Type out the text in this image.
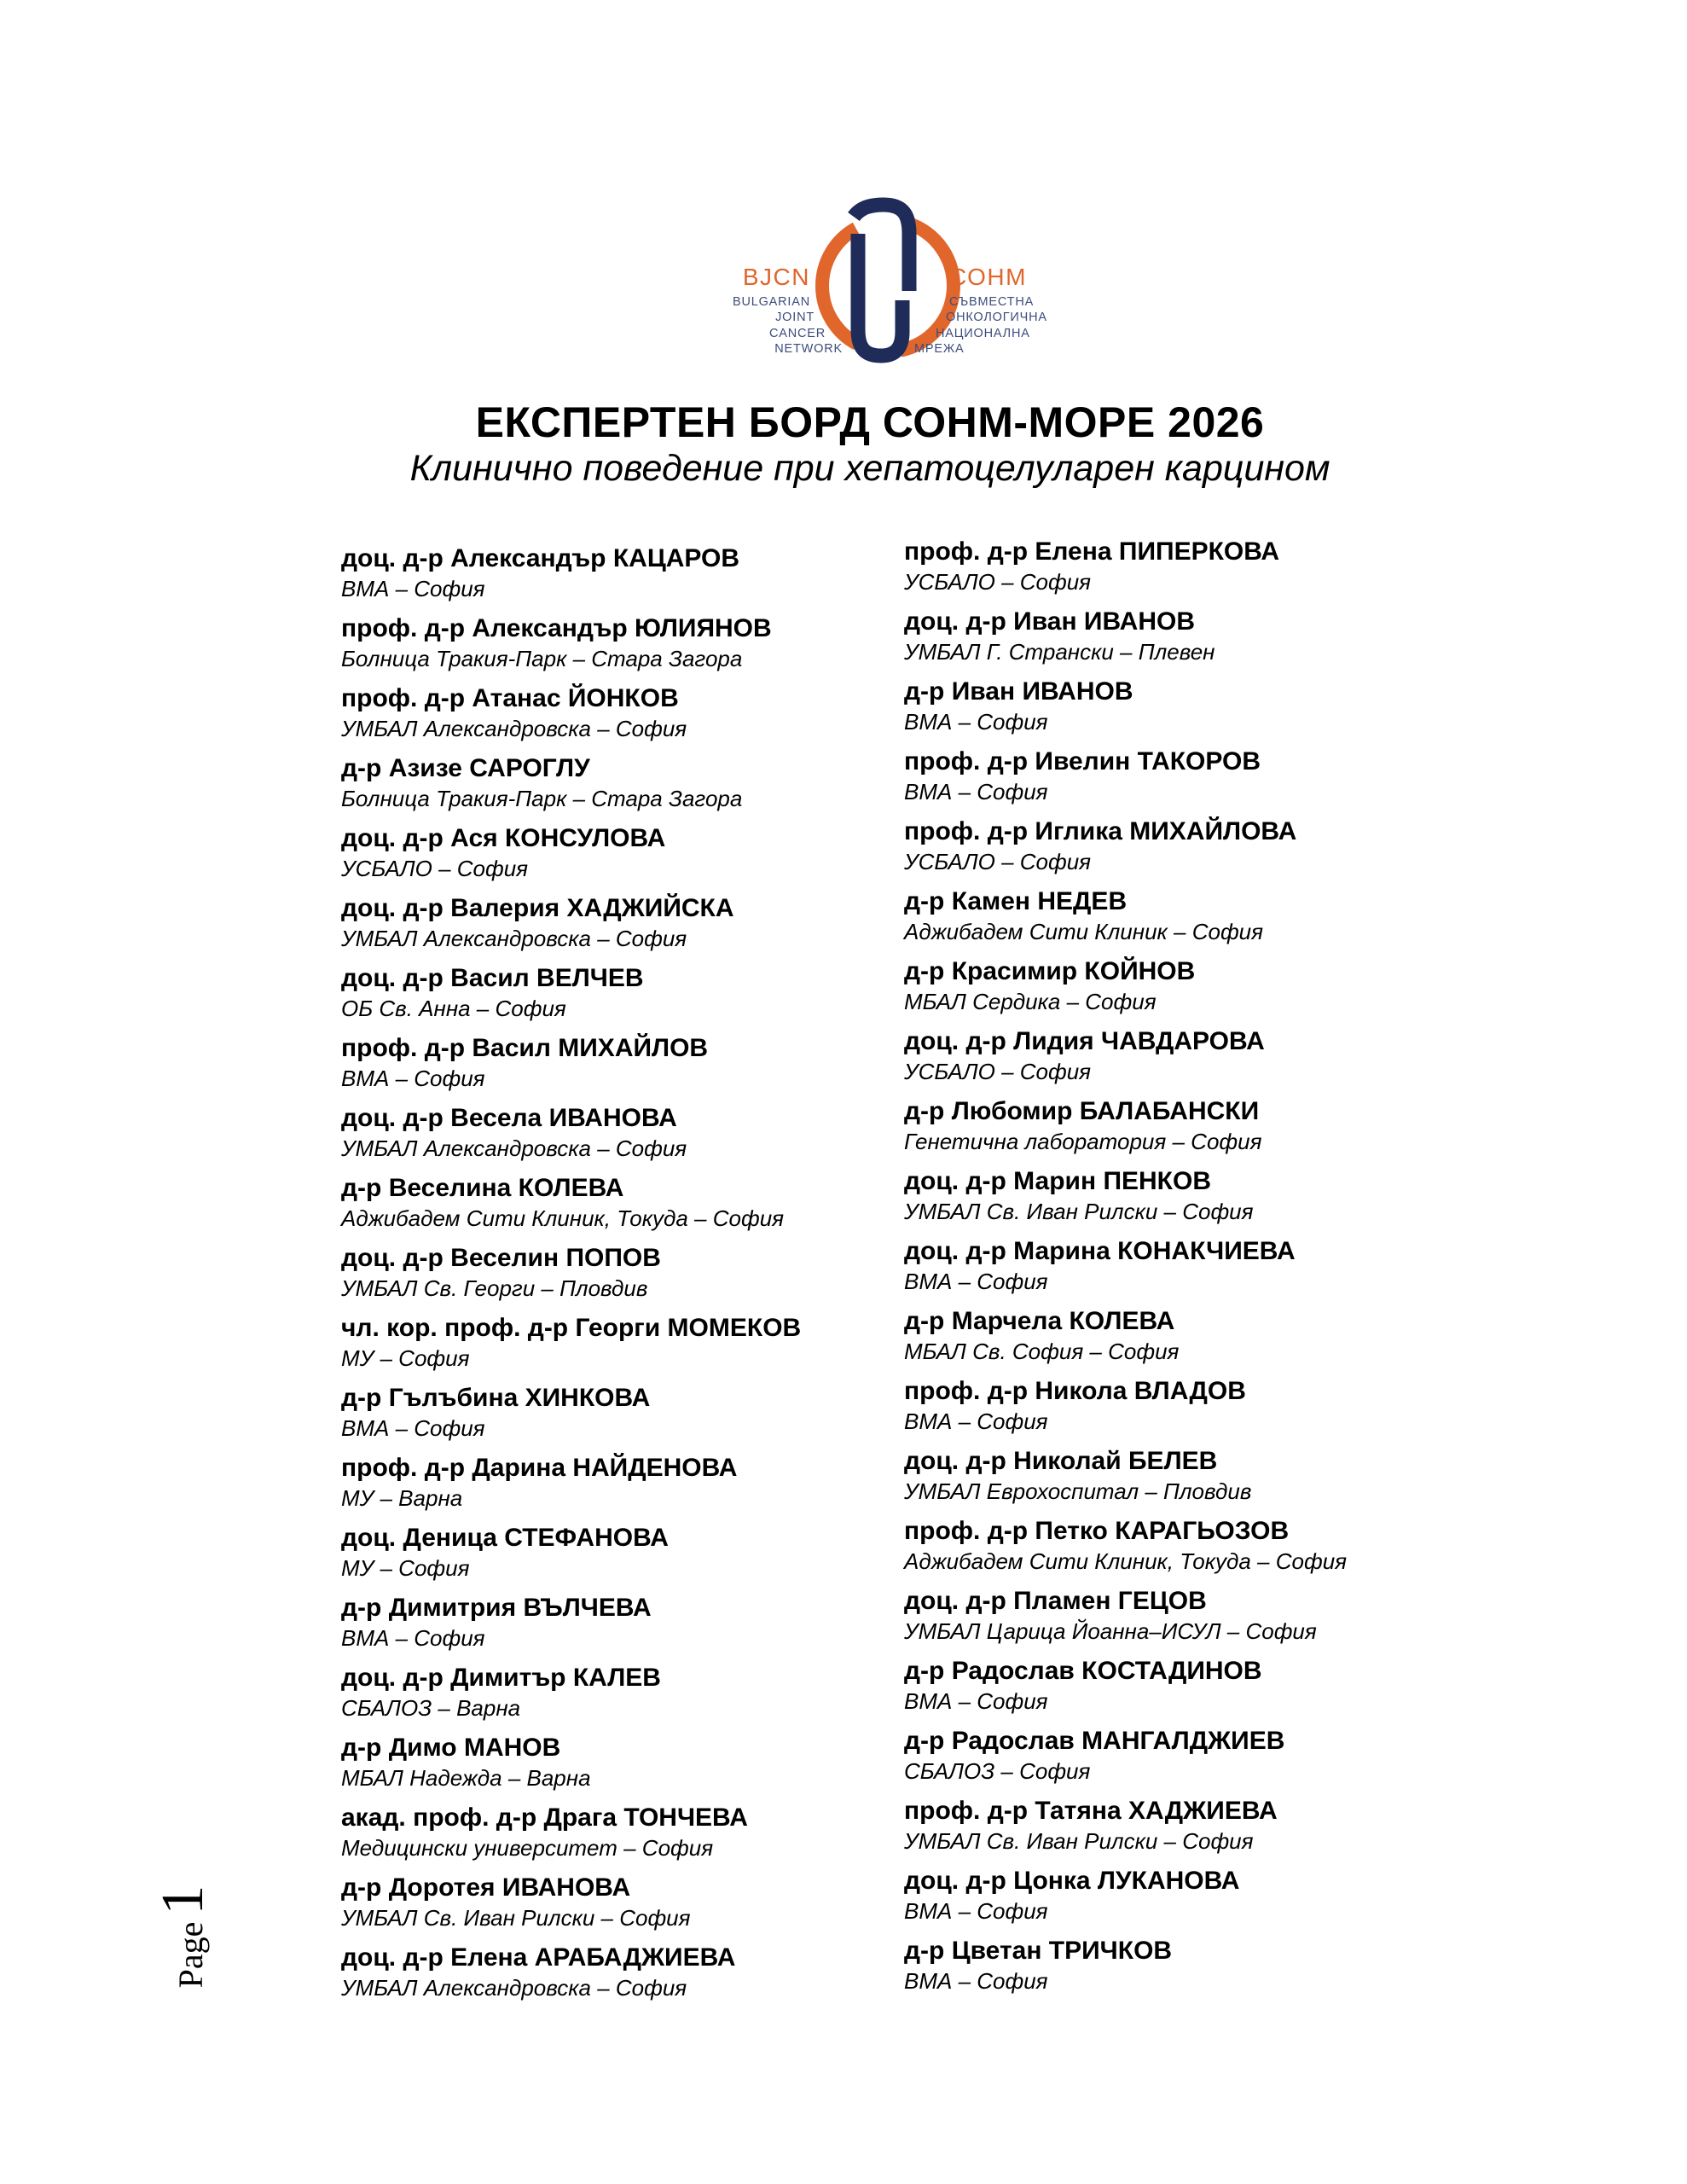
BJCN
BULGARIAN
JOINT
CANCER
NETWORK
СОНМ
СЪВМЕСТНА
ОНКОЛОГИЧНА
НАЦИОНАЛНА
МРЕЖА
ЕКСПЕРТЕН БОРД СОНМ-МОРЕ 2026
Клинично поведение при хепатоцелуларен карцином
доц. д-р Александър КАЦАРОВ
ВМА – София
проф. д-р Александър ЮЛИЯНОВ
Болница Тракия-Парк – Стара Загора
проф. д-р Атанас ЙОНКОВ
УМБАЛ Александровска – София
д-р Азизе САРОГЛУ
Болница Тракия-Парк – Стара Загора
доц. д-р Ася КОНСУЛОВА
УСБАЛО – София
доц. д-р Валерия ХАДЖИЙСКА
УМБАЛ Александровска – София
доц. д-р Васил ВЕЛЧЕВ
ОБ Св. Анна – София
проф. д-р Васил МИХАЙЛОВ
ВМА – София
доц. д-р Весела ИВАНОВА
УМБАЛ Александровска – София
д-р Веселина КОЛЕВА
Аджибадем Сити Клиник, Токуда – София
доц. д-р Веселин ПОПОВ
УМБАЛ Св. Георги – Пловдив
чл. кор. проф. д-р Георги МОМЕКОВ
МУ – София
д-р Гълъбина ХИНКОВА
ВМА – София
проф. д-р Дарина НАЙДЕНОВА
МУ – Варна
доц. Деница СТЕФАНОВА
МУ – София
д-р Димитрия ВЪЛЧЕВА
ВМА – София
доц. д-р Димитър КАЛЕВ
СБАЛОЗ – Варна
д-р Димо МАНОВ
МБАЛ Надежда – Варна
акад. проф. д-р Драга ТОНЧЕВА
Медицински университет – София
д-р Доротея ИВАНОВА
УМБАЛ Св. Иван Рилски – София
доц. д-р Елена АРАБАДЖИЕВА
УМБАЛ Александровска – София
проф. д-р Елена ПИПЕРКОВА
УСБАЛО – София
доц. д-р Иван ИВАНОВ
УМБАЛ Г. Странски – Плевен
д-р Иван ИВАНОВ
ВМА – София
проф. д-р Ивелин ТАКОРОВ
ВМА – София
проф. д-р Иглика МИХАЙЛОВА
УСБАЛО – София
д-р Камен НЕДЕВ
Аджибадем Сити Клиник – София
д-р Красимир КОЙНОВ
МБАЛ Сердика – София
доц. д-р Лидия ЧАВДАРОВА
УСБАЛО – София
д-р Любомир БАЛАБАНСКИ
Генетична лаборатория – София
доц. д-р Марин ПЕНКОВ
УМБАЛ Св. Иван Рилски – София
доц. д-р Марина КОНАКЧИЕВА
ВМА – София
д-р Марчела КОЛЕВА
МБАЛ Св. София – София
проф. д-р Никола ВЛАДОВ
ВМА – София
доц. д-р Николай БЕЛЕВ
УМБАЛ Еврохоспитал – Пловдив
проф. д-р Петко КАРАГЬОЗОВ
Аджибадем Сити Клиник, Токуда – София
доц. д-р Пламен ГЕЦОВ
УМБАЛ Царица Йоанна–ИСУЛ – София
д-р Радослав КОСТАДИНОВ
ВМА – София
д-р Радослав МАНГАЛДЖИЕВ
СБАЛОЗ – София
проф. д-р Татяна ХАДЖИЕВА
УМБАЛ Св. Иван Рилски – София
доц. д-р Цонка ЛУКАНОВА
ВМА – София
д-р Цветан ТРИЧКОВ
ВМА – София
Page
1
